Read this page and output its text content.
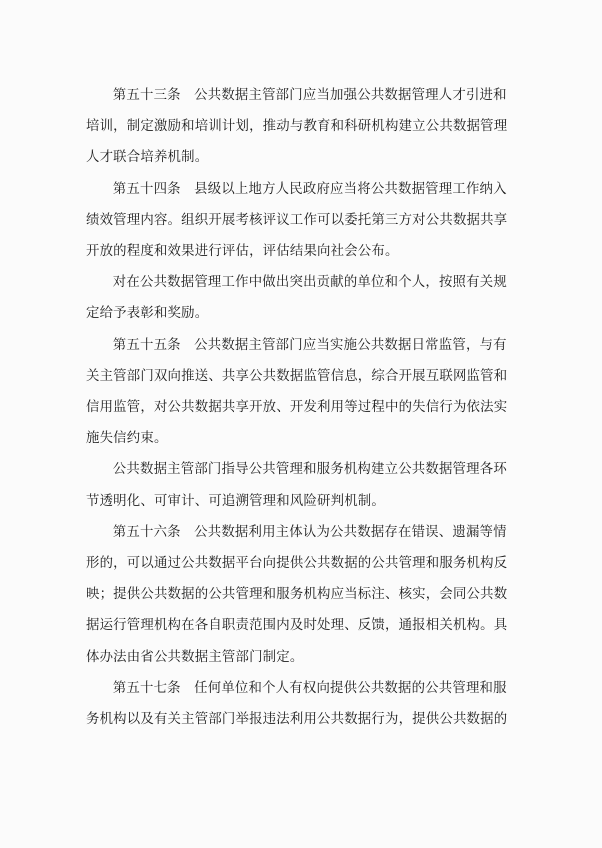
第五十三条 公共数据主管部门应当加强公共数据管理人才引进和培训，制定激励和培训计划，推动与教育和科研机构建立公共数据管理人才联合培养机制。

第五十四条 县级以上地方人民政府应当将公共数据管理工作纳入绩效管理内容。组织开展考核评议工作可以委托第三方对公共数据共享开放的程度和效果进行评估，评估结果向社会公布。

对在公共数据管理工作中做出突出贡献的单位和个人，按照有关规定给予表彰和奖励。

第五十五条 公共数据主管部门应当实施公共数据日常监管，与有关主管部门双向推送、共享公共数据监管信息，综合开展互联网监管和信用监管，对公共数据共享开放、开发利用等过程中的失信行为依法实施失信约束。

公共数据主管部门指导公共管理和服务机构建立公共数据管理各环节透明化、可审计、可追溯管理和风险研判机制。

第五十六条 公共数据利用主体认为公共数据存在错误、遗漏等情形的，可以通过公共数据平台向提供公共数据的公共管理和服务机构反映；提供公共数据的公共管理和服务机构应当标注、核实，会同公共数据运行管理机构在各自职责范围内及时处理、反馈，通报相关机构。具体办法由省公共数据主管部门制定。

第五十七条 任何单位和个人有权向提供公共数据的公共管理和服务机构以及有关主管部门举报违法利用公共数据行为，提供公共数据的
